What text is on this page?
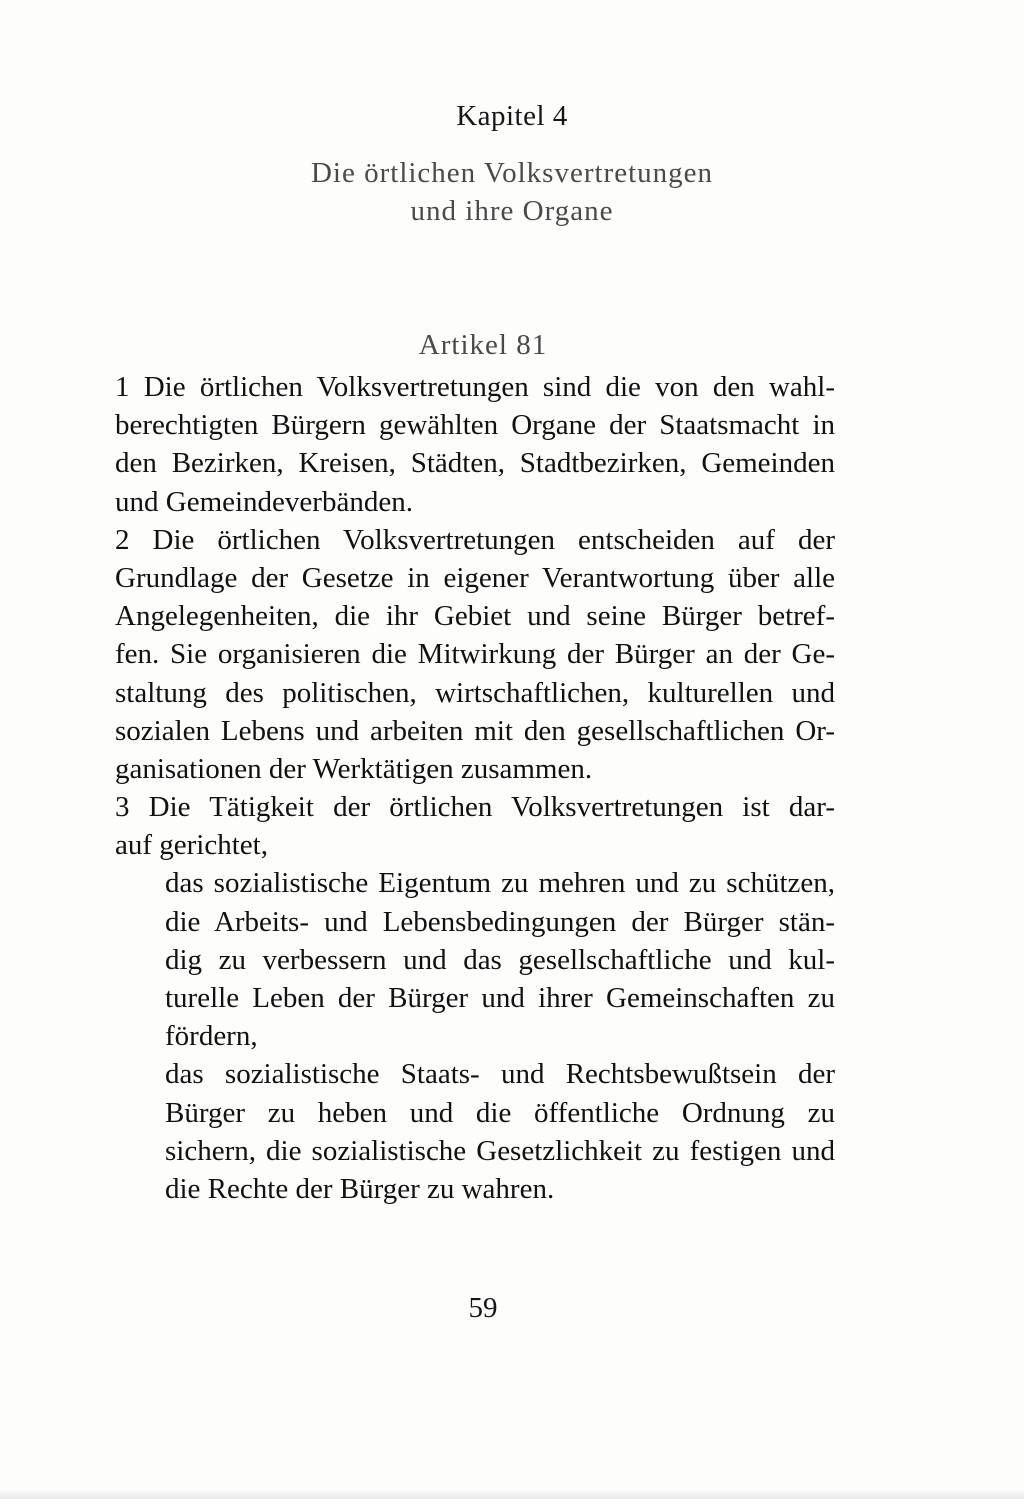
Kapitel 4
Die örtlichen Volksvertretungen
und ihre Organe
Artikel 81
1 Die örtlichen Volksvertretungen sind die von den wahl-
berechtigten Bürgern gewählten Organe der Staatsmacht in
den Bezirken, Kreisen, Städten, Stadtbezirken, Gemeinden
und Gemeindeverbänden.
2 Die örtlichen Volksvertretungen entscheiden auf der
Grundlage der Gesetze in eigener Verantwortung über alle
Angelegenheiten, die ihr Gebiet und seine Bürger betref-
fen. Sie organisieren die Mitwirkung der Bürger an der Ge-
staltung des politischen, wirtschaftlichen, kulturellen und
sozialen Lebens und arbeiten mit den gesellschaftlichen Or-
ganisationen der Werktätigen zusammen.
3 Die Tätigkeit der örtlichen Volksvertretungen ist dar-
auf gerichtet,
das sozialistische Eigentum zu mehren und zu schützen,
die Arbeits- und Lebensbedingungen der Bürger stän-
dig zu verbessern und das gesellschaftliche und kul-
turelle Leben der Bürger und ihrer Gemeinschaften zu
fördern,
das sozialistische Staats- und Rechtsbewußtsein der
Bürger zu heben und die öffentliche Ordnung zu
sichern, die sozialistische Gesetzlichkeit zu festigen und
die Rechte der Bürger zu wahren.
59
